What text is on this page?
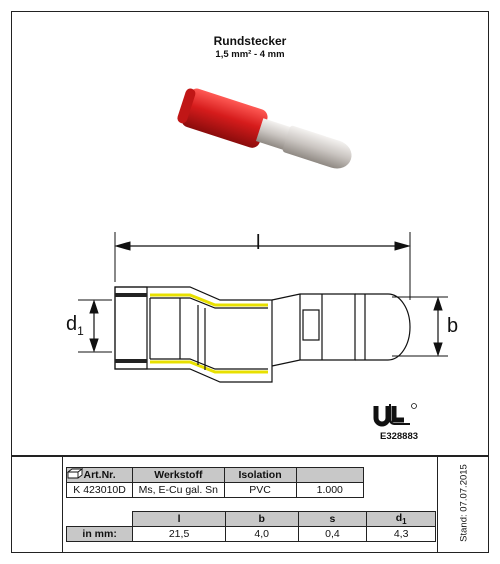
Rundstecker
1,5 mm² - 4 mm
l
$d_1$	b
E328883
Art.Nr.	Werkstoff	Isolation	

K 423010D	Ms, E-Cu gal. Sn	PVC	1.000
	l	b	s	$d_1$
in mm:	21,5	4,0	0,4	4,3	Stand: 07.07.2015
